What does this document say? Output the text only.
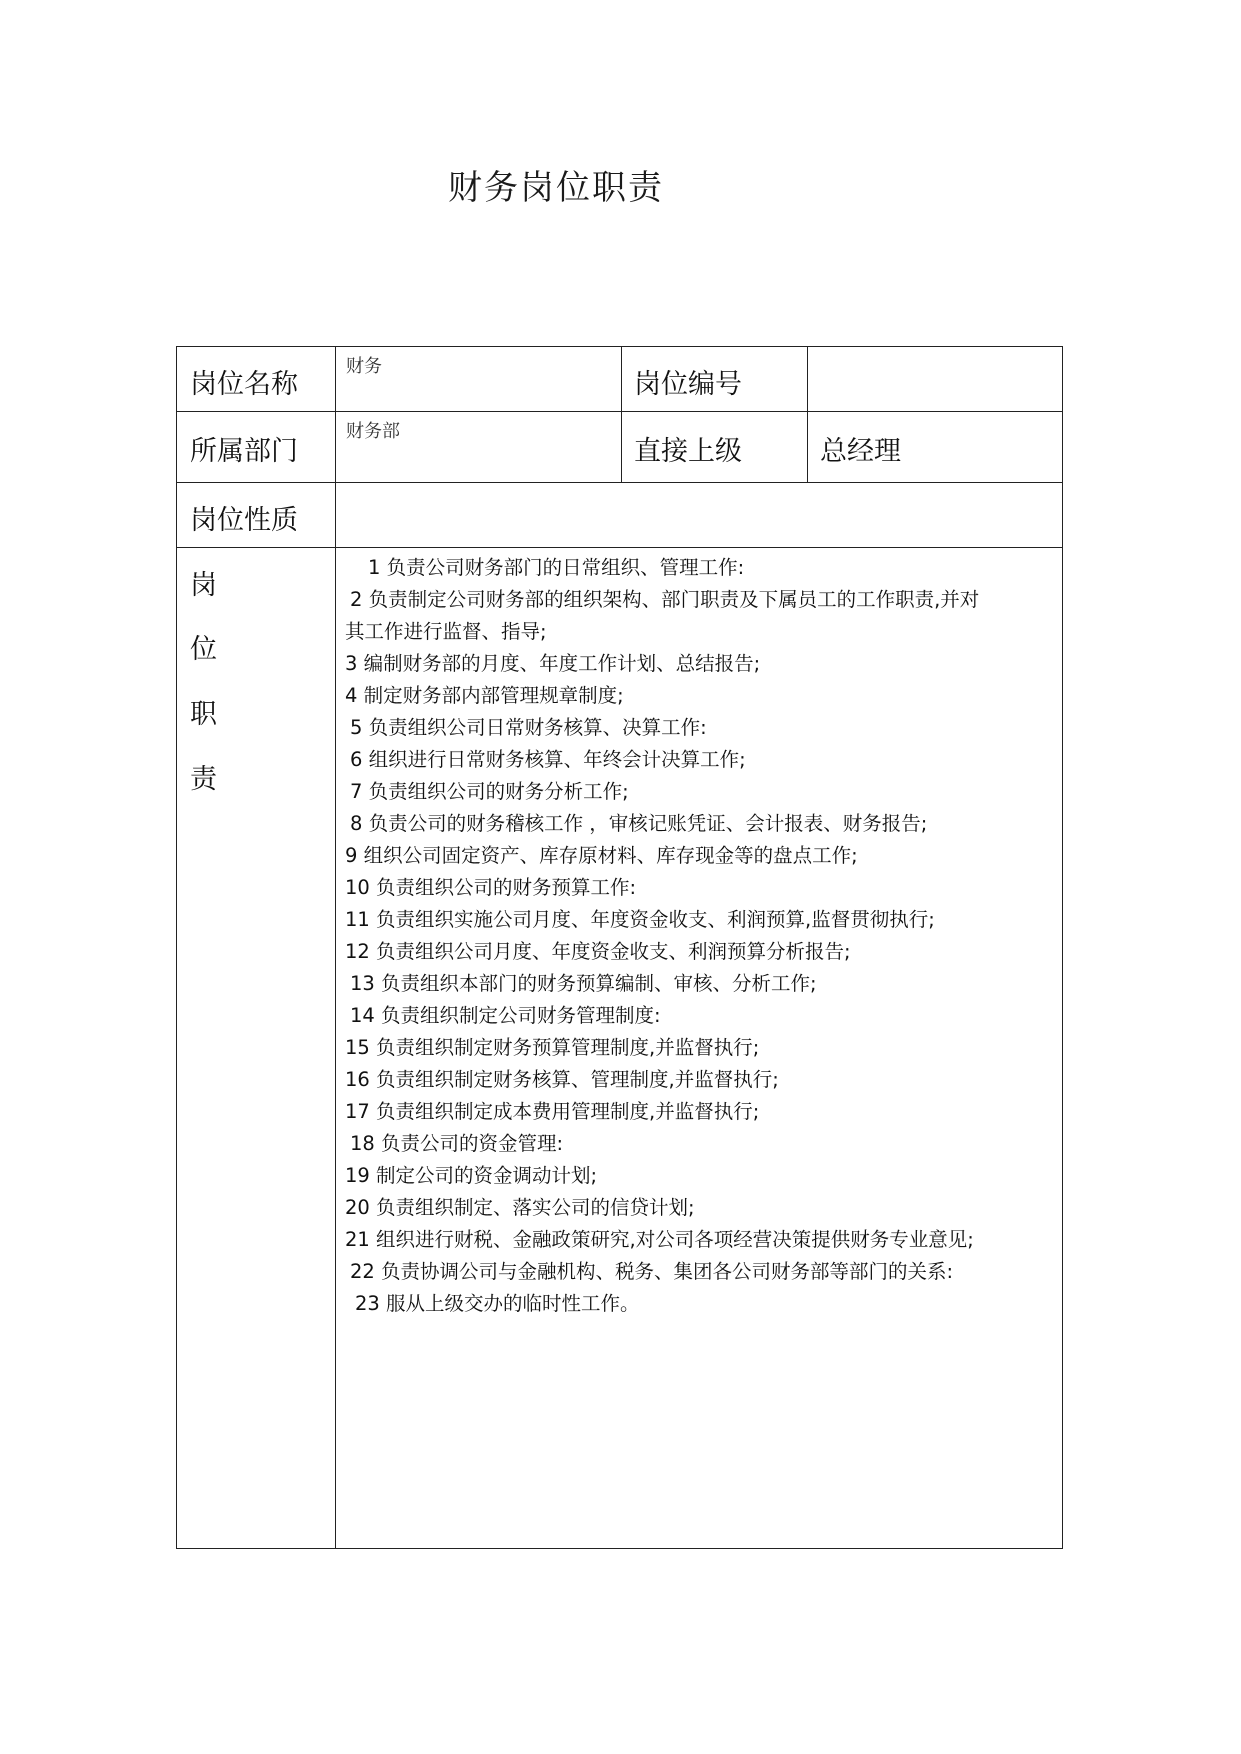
财务岗位职责
岗位名称
财务
岗位编号
所属部门
财务部
直接上级	总经理
岗位性质
岗
位
职
责
1 负责公司财务部门的日常组织、管理工作:
2 负责制定公司财务部的组织架构、部门职责及下属员工的工作职责,并对
其工作进行监督、指导;
3 编制财务部的月度、年度工作计划、总结报告;
4 制定财务部内部管理规章制度;
5 负责组织公司日常财务核算、决算工作:
6 组织进行日常财务核算、年终会计决算工作;
7 负责组织公司的财务分析工作;
8 负责公司的财务稽核工作 ，审核记账凭证、会计报表、财务报告;
9 组织公司固定资产、库存原材料、库存现金等的盘点工作;
10 负责组织公司的财务预算工作:
11 负责组织实施公司月度、年度资金收支、利润预算,监督贯彻执行;
12 负责组织公司月度、年度资金收支、利润预算分析报告;
13 负责组织本部门的财务预算编制、审核、分析工作;
14 负责组织制定公司财务管理制度:
15 负责组织制定财务预算管理制度,并监督执行;
16 负责组织制定财务核算、管理制度,并监督执行;
17 负责组织制定成本费用管理制度,并监督执行;
18 负责公司的资金管理:
19 制定公司的资金调动计划;
20 负责组织制定、落实公司的信贷计划;
21 组织进行财税、金融政策研究,对公司各项经营决策提供财务专业意见;
22 负责协调公司与金融机构、税务、集团各公司财务部等部门的关系:
23 服从上级交办的临时性工作。
